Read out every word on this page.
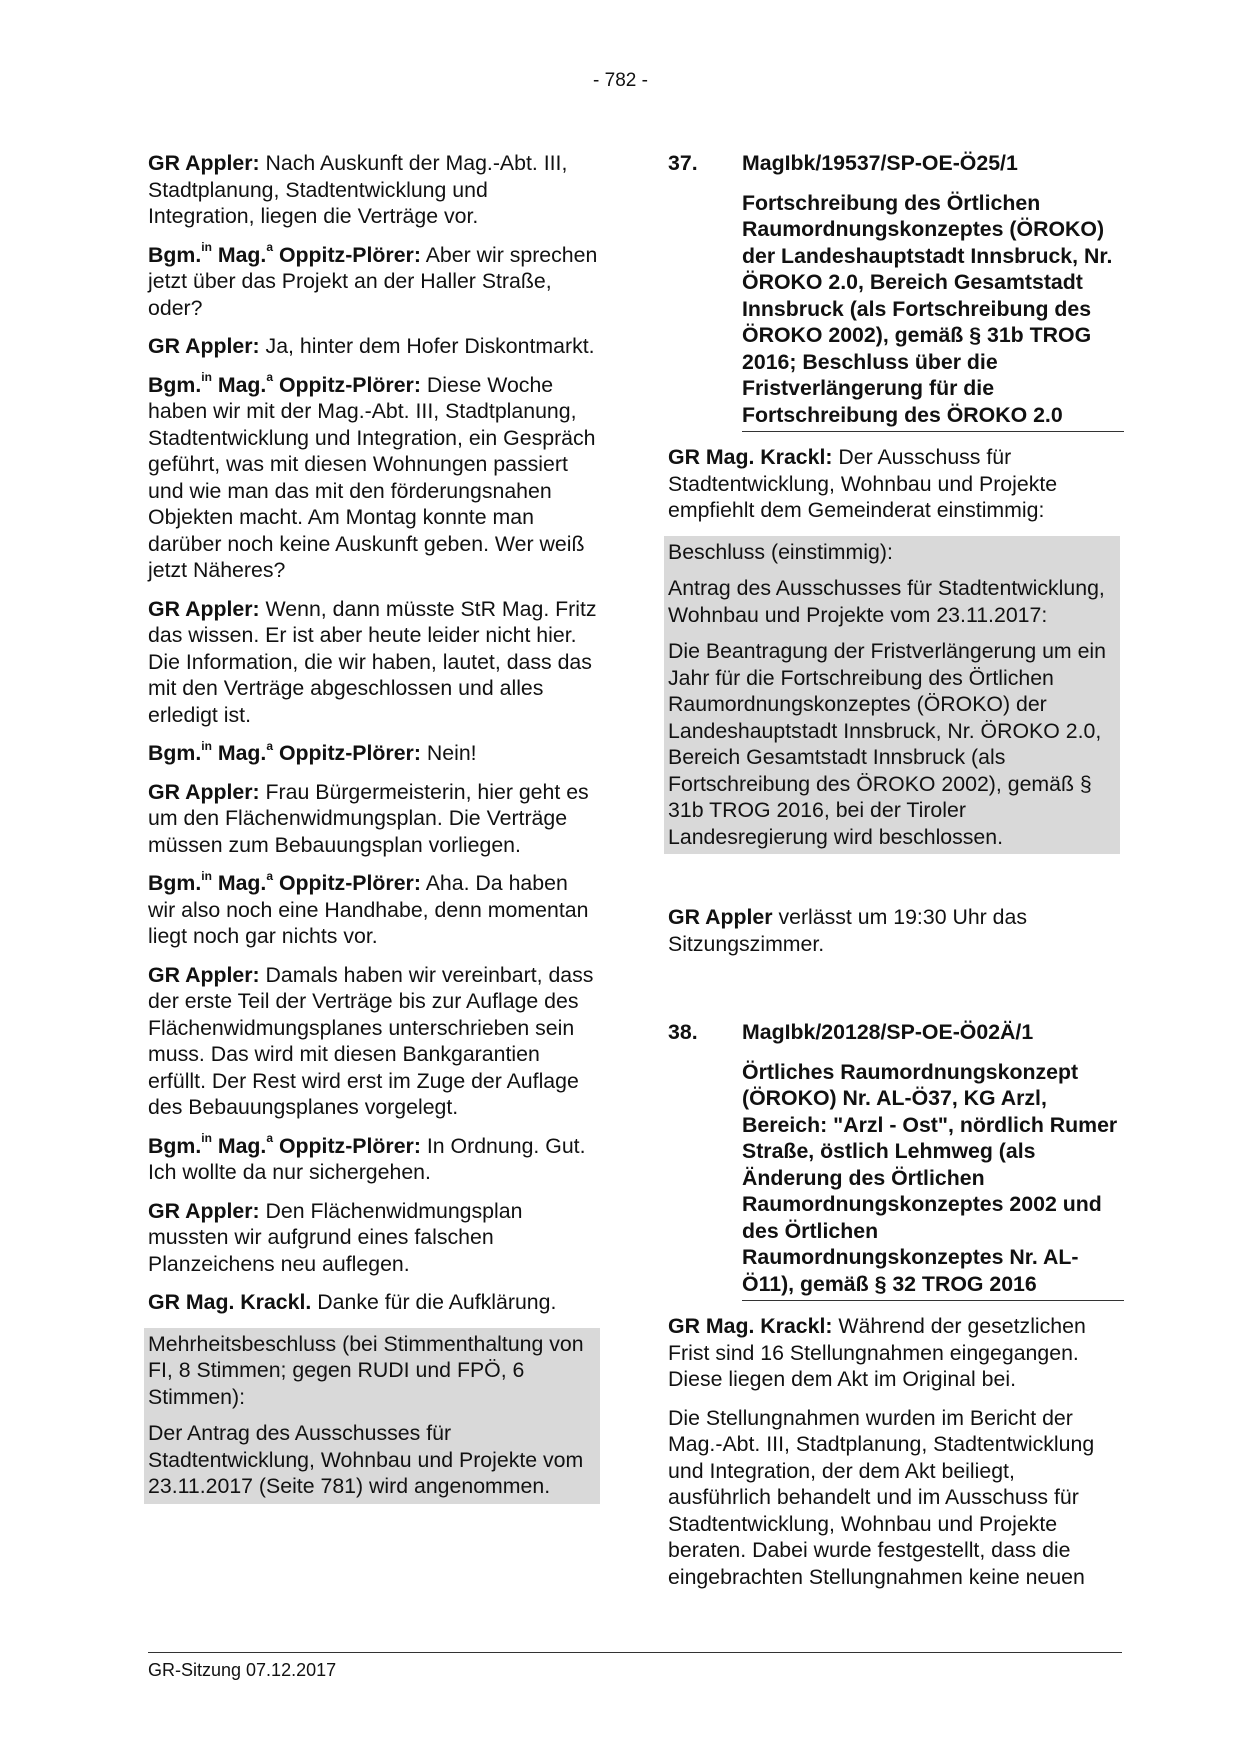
- 782 -

GR Appler: Nach Auskunft der Mag.-Abt. III, Stadtplanung, Stadtentwicklung und Integration, liegen die Verträge vor.

Bgm.$^{in}$ Mag.$^a$ Oppitz-Plörer: Aber wir sprechen jetzt über das Projekt an der Haller Straße, oder?

GR Appler: Ja, hinter dem Hofer Diskontmarkt.

Bgm.$^{in}$ Mag.$^a$ Oppitz-Plörer: Diese Woche haben wir mit der Mag.-Abt. III, Stadtplanung, Stadtentwicklung und Integration, ein Gespräch geführt, was mit diesen Wohnungen passiert und wie man das mit den förderungsnahen Objekten macht. Am Montag konnte man darüber noch keine Auskunft geben. Wer weiß jetzt Näheres?

GR Appler: Wenn, dann müsste StR Mag. Fritz das wissen. Er ist aber heute leider nicht hier. Die Information, die wir haben, lautet, dass das mit den Verträge abgeschlossen und alles erledigt ist.

Bgm.$^{in}$ Mag.$^a$ Oppitz-Plörer: Nein!

GR Appler: Frau Bürgermeisterin, hier geht es um den Flächenwidmungsplan. Die Verträge müssen zum Bebauungsplan vorliegen.

Bgm.$^{in}$ Mag.$^a$ Oppitz-Plörer: Aha. Da haben wir also noch eine Handhabe, denn momentan liegt noch gar nichts vor.

GR Appler: Damals haben wir vereinbart, dass der erste Teil der Verträge bis zur Auflage des Flächenwidmungsplanes unterschrieben sein muss. Das wird mit diesen Bankgarantien erfüllt. Der Rest wird erst im Zuge der Auflage des Bebauungsplanes vorgelegt.

Bgm.$^{in}$ Mag.$^a$ Oppitz-Plörer: In Ordnung. Gut. Ich wollte da nur sichergehen.

GR Appler: Den Flächenwidmungsplan mussten wir aufgrund eines falschen Planzeichens neu auflegen.

GR Mag. Krackl. Danke für die Aufklärung.

Mehrheitsbeschluss (bei Stimmenthaltung von FI, 8 Stimmen; gegen RUDI und FPÖ, 6 Stimmen):

Der Antrag des Ausschusses für Stadtentwicklung, Wohnbau und Projekte vom 23.11.2017 (Seite 781) wird angenommen.

37.	MagIbk/19537/SP-OE-Ö25/1
Fortschreibung des Örtlichen Raumordnungskonzeptes (ÖROKO) der Landeshauptstadt Innsbruck, Nr. ÖROKO 2.0, Bereich Gesamtstadt Innsbruck (als Fortschreibung des ÖROKO 2002), gemäß § 31b TROG 2016; Beschluss über die Fristverlängerung für die Fortschreibung des ÖROKO 2.0

GR Mag. Krackl: Der Ausschuss für Stadtentwicklung, Wohnbau und Projekte empfiehlt dem Gemeinderat einstimmig:

Beschluss (einstimmig):

Antrag des Ausschusses für Stadtentwicklung, Wohnbau und Projekte vom 23.11.2017:

Die Beantragung der Fristverlängerung um ein Jahr für die Fortschreibung des Örtlichen Raumordnungskonzeptes (ÖROKO) der Landeshauptstadt Innsbruck, Nr. ÖROKO 2.0, Bereich Gesamtstadt Innsbruck (als Fortschreibung des ÖROKO 2002), gemäß § 31b TROG 2016, bei der Tiroler Landesregierung wird beschlossen.

GR Appler verlässt um 19:30 Uhr das Sitzungszimmer.

38.	MagIbk/20128/SP-OE-Ö02Ä/1
Örtliches Raumordnungskonzept (ÖROKO) Nr. AL-Ö37, KG Arzl, Bereich: "Arzl - Ost", nördlich Rumer Straße, östlich Lehmweg (als Änderung des Örtlichen Raumordnungskonzeptes 2002 und des Örtlichen Raumordnungskonzeptes Nr. AL-Ö11), gemäß § 32 TROG 2016

GR Mag. Krackl: Während der gesetzlichen Frist sind 16 Stellungnahmen eingegangen. Diese liegen dem Akt im Original bei.

Die Stellungnahmen wurden im Bericht der Mag.-Abt. III, Stadtplanung, Stadtentwicklung und Integration, der dem Akt beiliegt, ausführlich behandelt und im Ausschuss für Stadtentwicklung, Wohnbau und Projekte beraten. Dabei wurde festgestellt, dass die eingebrachten Stellungnahmen keine neuen

GR-Sitzung 07.12.2017
